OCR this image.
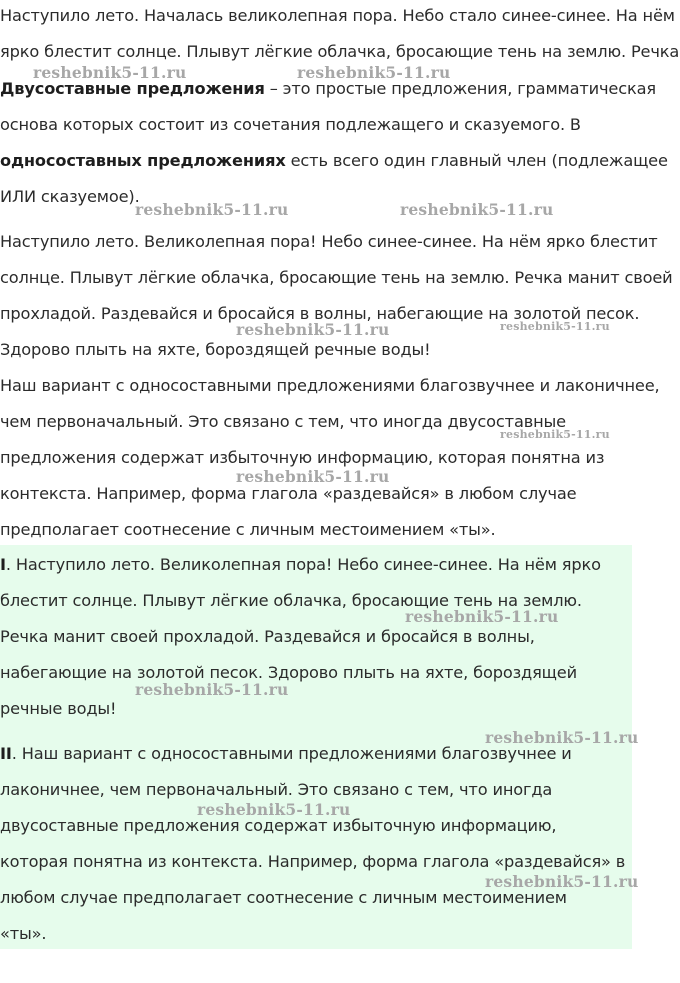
Наступило лето. Началась великолепная пора. Небо стало синее-синее. На нём
ярко блестит солнце. Плывут лёгкие облачка, бросающие тень на землю. Речка
Двусоставные предложения – это простые предложения, грамматическая
основа которых состоит из сочетания подлежащего и сказуемого. В
односоставных предложениях есть всего один главный член (подлежащее
ИЛИ сказуемое).
Наступило лето. Великолепная пора! Небо синее-синее. На нём ярко блестит
солнце. Плывут лёгкие облачка, бросающие тень на землю. Речка манит своей
прохладой. Раздевайся и бросайся в волны, набегающие на золотой песок.
Здорово плыть на яхте, бороздящей речные воды!
Наш вариант с односоставными предложениями благозвучнее и лаконичнее,
чем первоначальный. Это связано с тем, что иногда двусоставные
предложения содержат избыточную информацию, которая понятна из
контекста. Например, форма глагола «раздевайся» в любом случае
предполагает соотнесение с личным местоимением «ты».
I. Наступило лето. Великолепная пора! Небо синее-синее. На нём ярко
блестит солнце. Плывут лёгкие облачка, бросающие тень на землю.
Речка манит своей прохладой. Раздевайся и бросайся в волны,
набегающие на золотой песок. Здорово плыть на яхте, бороздящей
речные воды!
II. Наш вариант с односоставными предложениями благозвучнее и
лаконичнее, чем первоначальный. Это связано с тем, что иногда
двусоставные предложения содержат избыточную информацию,
которая понятна из контекста. Например, форма глагола «раздевайся» в
любом случае предполагает соотнесение с личным местоимением
«ты».
reshebnik5-11.ru	reshebnik5-11.ru
reshebnik5-11.ru	reshebnik5-11.ru
reshebnik5-11.ru	reshebnik5-11.ru
reshebnik5-11.ru
reshebnik5-11.ru
reshebnik5-11.ru
reshebnik5-11.ru
reshebnik5-11.ru
reshebnik5-11.ru
reshebnik5-11.ru
